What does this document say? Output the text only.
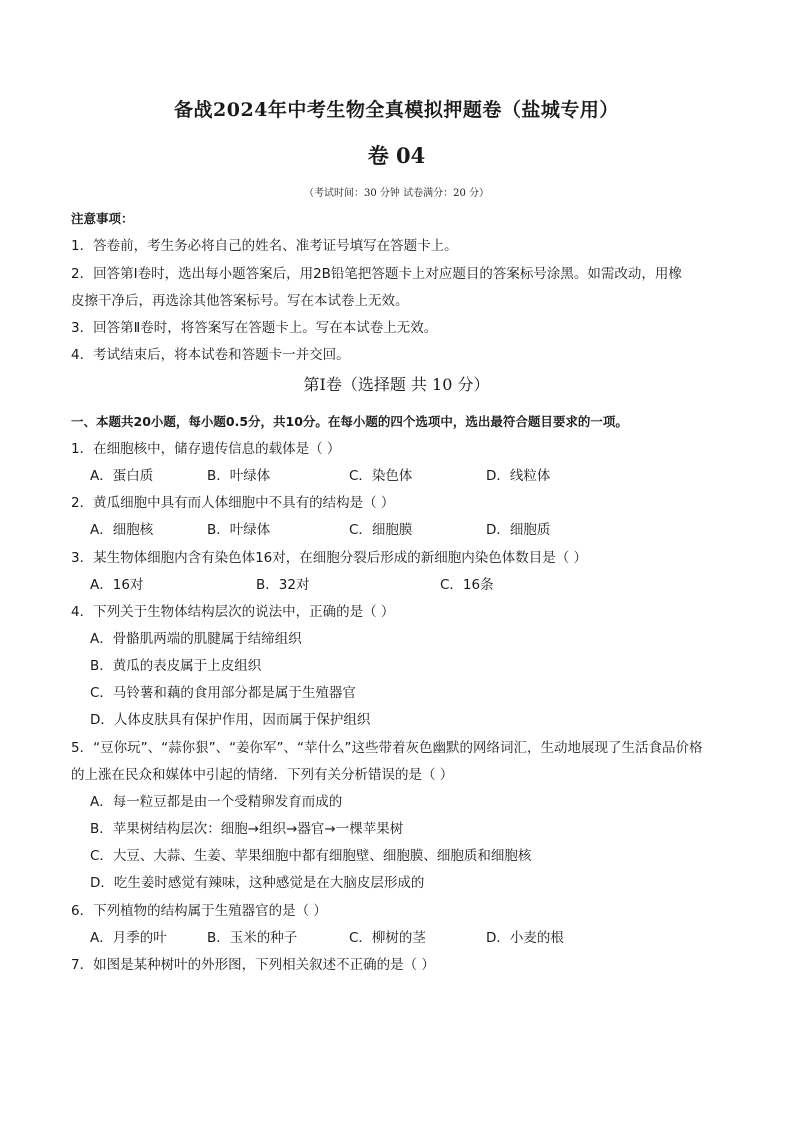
备战2024年中考生物全真模拟押题卷（盐城专用）
卷 04
（考试时间：30 分钟 试卷满分：20 分）
注意事项：
1．答卷前，考生务必将自己的姓名、准考证号填写在答题卡上。
2．回答第Ⅰ卷时，选出每小题答案后，用2B铅笔把答题卡上对应题目的答案标号涂黑。如需改动，用橡
皮擦干净后，再选涂其他答案标号。写在本试卷上无效。
3．回答第Ⅱ卷时，将答案写在答题卡上。写在本试卷上无效。
4．考试结束后，将本试卷和答题卡一并交回。
第Ⅰ卷（选择题 共 10 分）
一、本题共20小题，每小题0.5分，共10分。在每小题的四个选项中，选出最符合题目要求的一项。
1．在细胞核中，储存遗传信息的载体是（ ）
A．蛋白质	B．叶绿体	C．染色体	D．线粒体
2．黄瓜细胞中具有而人体细胞中不具有的结构是（ ）
A．细胞核	B．叶绿体	C．细胞膜	D．细胞质
3．某生物体细胞内含有染色体16对，在细胞分裂后形成的新细胞内染色体数目是（ ）
A．16对	B．32对	C．16条
4．下列关于生物体结构层次的说法中，正确的是（ ）
A．骨骼肌两端的肌腱属于结缔组织
B．黄瓜的表皮属于上皮组织
C．马铃薯和藕的食用部分都是属于生殖器官
D．人体皮肤具有保护作用，因而属于保护组织
5．“豆你玩”、“蒜你狠”、“姜你军”、“苹什么”这些带着灰色幽默的网络词汇，生动地展现了生活食品价格
的上涨在民众和媒体中引起的情绪．下列有关分析错误的是（ ）
A．每一粒豆都是由一个受精卵发育而成的
B．苹果树结构层次：细胞→组织→器官→一棵苹果树
C．大豆、大蒜、生姜、苹果细胞中都有细胞壁、细胞膜、细胞质和细胞核
D．吃生姜时感觉有辣味，这种感觉是在大脑皮层形成的
6．下列植物的结构属于生殖器官的是（ ）
A．月季的叶	B．玉米的种子	C．柳树的茎	D．小麦的根
7．如图是某种树叶的外形图，下列相关叙述不正确的是（ ）
